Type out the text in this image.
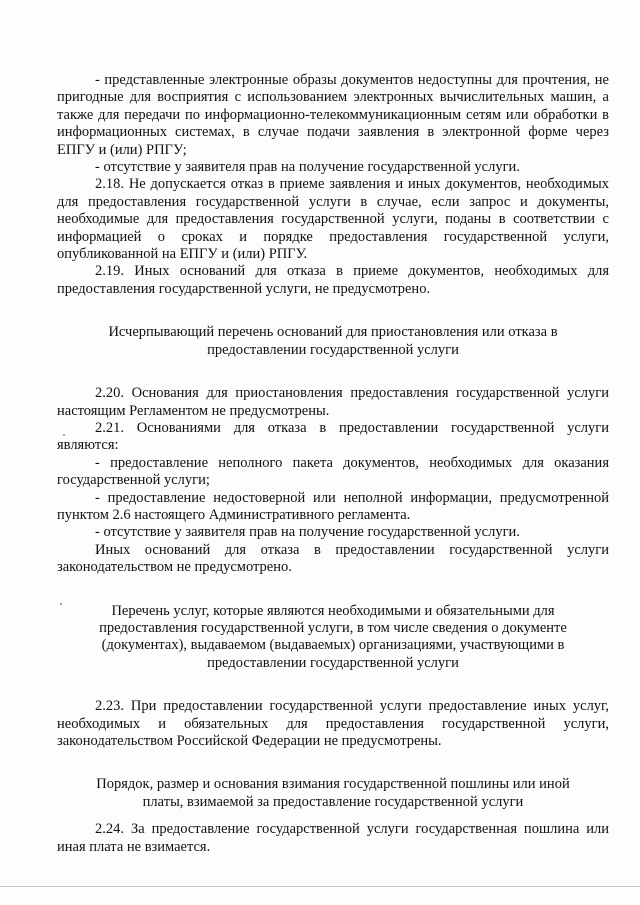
- представленные электронные образы документов недоступны для прочтения, не пригодные для восприятия с использованием электронных вычислительных машин, а также для передачи по информационно-телекоммуникационным сетям или обработки в информационных системах, в случае подачи заявления в электронной форме через ЕПГУ и (или) РПГУ;

- отсутствие у заявителя прав на получение государственной услуги.

2.18. Не допускается отказ в приеме заявления и иных документов, необходимых для предоставления государственной услуги в случае, если запрос и документы, необходимые для предоставления государственной услуги, поданы в соответствии с информацией о сроках и порядке предоставления государственной услуги, опубликованной на ЕПГУ и (или) РПГУ.

2.19. Иных оснований для отказа в приеме документов, необходимых для предоставления государственной услуги, не предусмотрено.

Исчерпывающий перечень оснований для приостановления или отказа в предоставлении государственной услуги

2.20. Основания для приостановления предоставления государственной услуги настоящим Регламентом не предусмотрены.

2.21. Основаниями для отказа в предоставлении государственной услуги являются:

- предоставление неполного пакета документов, необходимых для оказания государственной услуги;

- предоставление недостоверной или неполной информации, предусмотренной пунктом 2.6 настоящего Административного регламента.

- отсутствие у заявителя прав на получение государственной услуги.

Иных оснований для отказа в предоставлении государственной услуги законодательством не предусмотрено.

Перечень услуг, которые являются необходимыми и обязательными для предоставления государственной услуги, в том числе сведения о документе (документах), выдаваемом (выдаваемых) организациями, участвующими в предоставлении государственной услуги

2.23. При предоставлении государственной услуги предоставление иных услуг, необходимых и обязательных для предоставления государственной услуги, законодательством Российской Федерации не предусмотрены.

Порядок, размер и основания взимания государственной пошлины или иной платы, взимаемой за предоставление государственной услуги

2.24. За предоставление государственной услуги государственная пошлина или иная плата не взимается.
